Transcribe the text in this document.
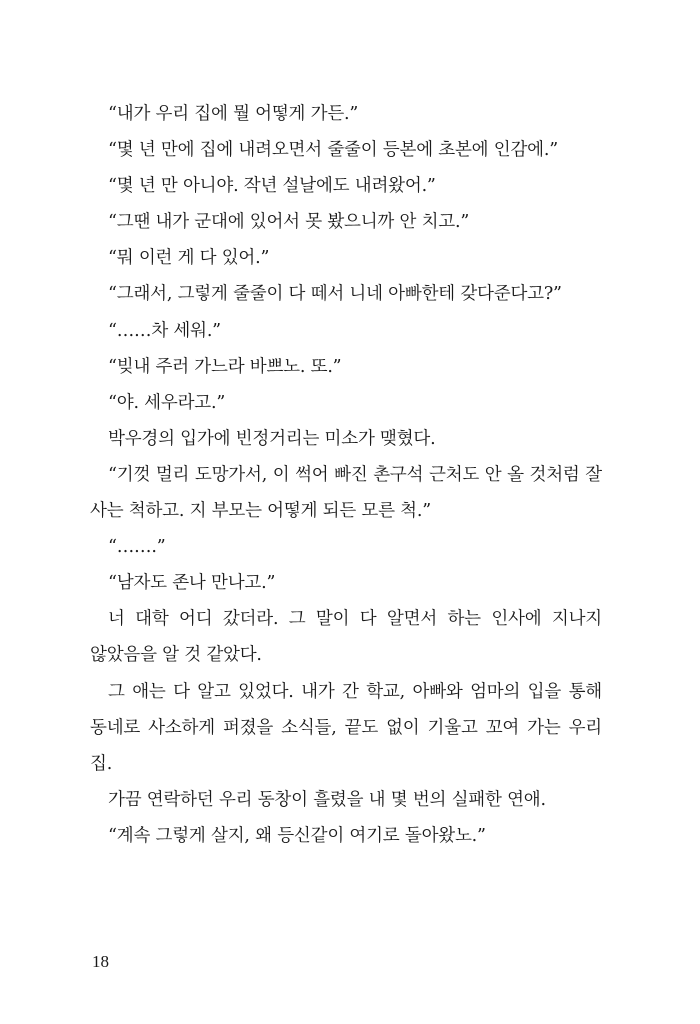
“내가 우리 집에 뭘 어떻게 가든.”

“몇 년 만에 집에 내려오면서 줄줄이 등본에 초본에 인감에.”

“몇 년 만 아니야. 작년 설날에도 내려왔어.”

“그땐 내가 군대에 있어서 못 봤으니까 안 치고.”

“뭐 이런 게 다 있어.”

“그래서, 그렇게 줄줄이 다 떼서 니네 아빠한테 갖다준다고?”

“……차 세워.”

“빚내 주러 가느라 바쁘노. 또.”

“야. 세우라고.”

박우경의 입가에 빈정거리는 미소가 맺혔다.

“기껏 멀리 도망가서, 이 썩어 빠진 촌구석 근처도 안 올 것처럼 잘 사는 척하고. 지 부모는 어떻게 되든 모른 척.”

“…….”

“남자도 존나 만나고.”

너 대학 어디 갔더라. 그 말이 다 알면서 하는 인사에 지나지 않았음을 알 것 같았다.

그 애는 다 알고 있었다. 내가 간 학교, 아빠와 엄마의 입을 통해 동네로 사소하게 퍼졌을 소식들, 끝도 없이 기울고 꼬여 가는 우리 집.

가끔 연락하던 우리 동창이 흘렸을 내 몇 번의 실패한 연애.

“계속 그렇게 살지, 왜 등신같이 여기로 돌아왔노.”

18
